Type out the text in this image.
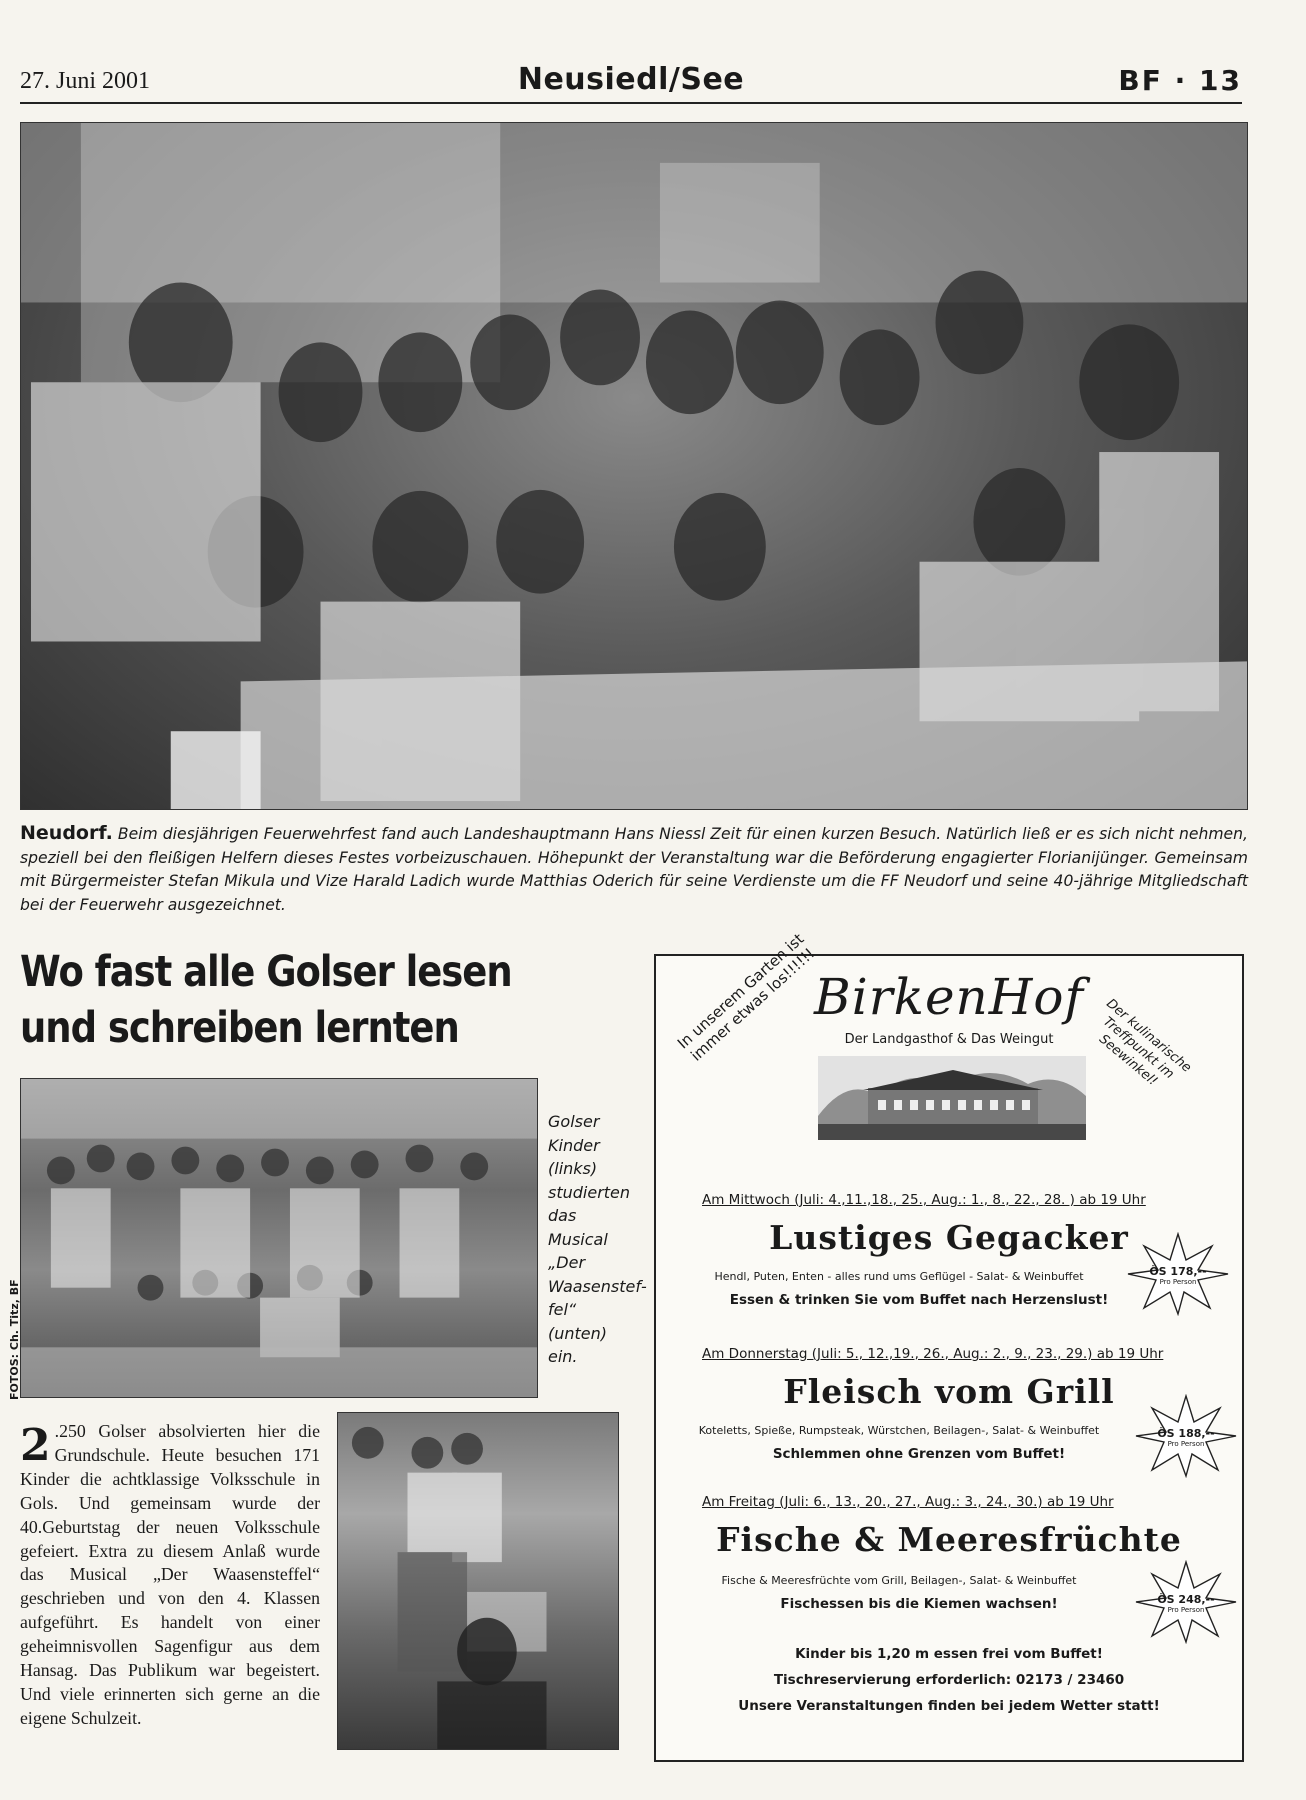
27. Juni 2001	Neusiedl/See	BF · 13
Neudorf. Beim diesjährigen Feuerwehrfest fand auch Landeshauptmann Hans Niessl Zeit für einen kurzen Besuch. Natürlich ließ er es sich nicht nehmen, speziell bei den fleißigen Helfern dieses Festes vorbeizuschauen. Höhepunkt der Veranstaltung war die Beförderung engagierter Florianijünger. Gemeinsam mit Bürgermeister Stefan Mikula und Vize Harald Ladich wurde Matthias Oderich für seine Verdienste um die FF Neudorf und seine 40-jährige Mitgliedschaft bei der Feuerwehr ausgezeichnet.
Wo fast alle Golser lesen
und schreiben lernten
FOTOS: Ch. Titz, BF
Golser Kinder (links) studierten das Musical „Der Waasensteffel“ (unten) ein.
2 .250 Golser absolvierten hier die Grundschule. Heute besuchen 171 Kinder die achtklassige Volksschule in Gols. Und gemeinsam wurde der 40.Geburtstag der neuen Volksschule gefeiert. Extra zu diesem Anlaß wurde das Musical „Der Waasensteffel“ geschrieben und von den 4. Klassen aufgeführt. Es handelt von einer geheimnisvollen Sagenfigur aus dem Hansag. Das Publikum war begeistert. Und viele erinnerten sich gerne an die eigene Schulzeit.
In unserem Garten ist immer etwas los!!!!!!	Der kulinarische Treffpunkt im Seewinkel!
BirkenHof
Der Landgasthof & Das Weingut
Am Mittwoch (Juli: 4.,11.,18., 25., Aug.: 1., 8., 22., 28. ) ab 19 Uhr
Lustiges Gegacker
Hendl, Puten, Enten - alles rund ums Geflügel - Salat- & Weinbuffet
Essen & trinken Sie vom Buffet nach Herzenslust!
ÖS 178,--
Pro Person
Am Donnerstag (Juli: 5., 12.,19., 26., Aug.: 2., 9., 23., 29.) ab 19 Uhr
Fleisch vom Grill
Koteletts, Spieße, Rumpsteak, Würstchen, Beilagen-, Salat- & Weinbuffet
Schlemmen ohne Grenzen vom Buffet!
ÖS 188,--
Pro Person
Am Freitag (Juli: 6., 13., 20., 27., Aug.: 3., 24., 30.) ab 19 Uhr
Fische & Meeresfrüchte
Fische & Meeresfrüchte vom Grill, Beilagen-, Salat- & Weinbuffet
Fischessen bis die Kiemen wachsen!	ÖS 248,--
Pro Person
Kinder bis 1,20 m essen frei vom Buffet!
Tischreservierung erforderlich: 02173 / 23460
Unsere Veranstaltungen finden bei jedem Wetter statt!
